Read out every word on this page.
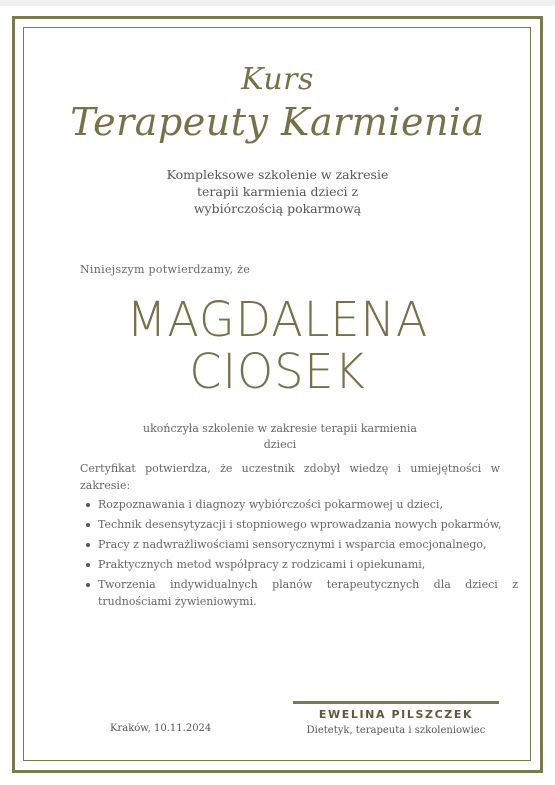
Kurs
Terapeuty Karmienia
Kompleksowe szkolenie w zakresie
terapii karmienia dzieci z
wybiórczością pokarmową
Niniejszym potwierdzamy, że
MAGDALENA
CIOSEK
ukończyła szkolenie w zakresie terapii karmienia
dzieci
Certyfikat potwierdza, że uczestnik zdobył wiedzę i umiejętności w zakresie:
Rozpoznawania i diagnozy wybiórczości pokarmowej u dzieci,
Technik desensytyzacji i stopniowego wprowadzania nowych pokarmów,
Pracy z nadwrażliwościami sensorycznymi i wsparcia emocjonalnego,
Praktycznych metod współpracy z rodzicami i opiekunami,
Tworzenia indywidualnych planów terapeutycznych dla dzieci z trudnościami żywieniowymi.
Kraków, 10.11.2024
EWELINA PILSZCZEK
Dietetyk, terapeuta i szkoleniowiec
